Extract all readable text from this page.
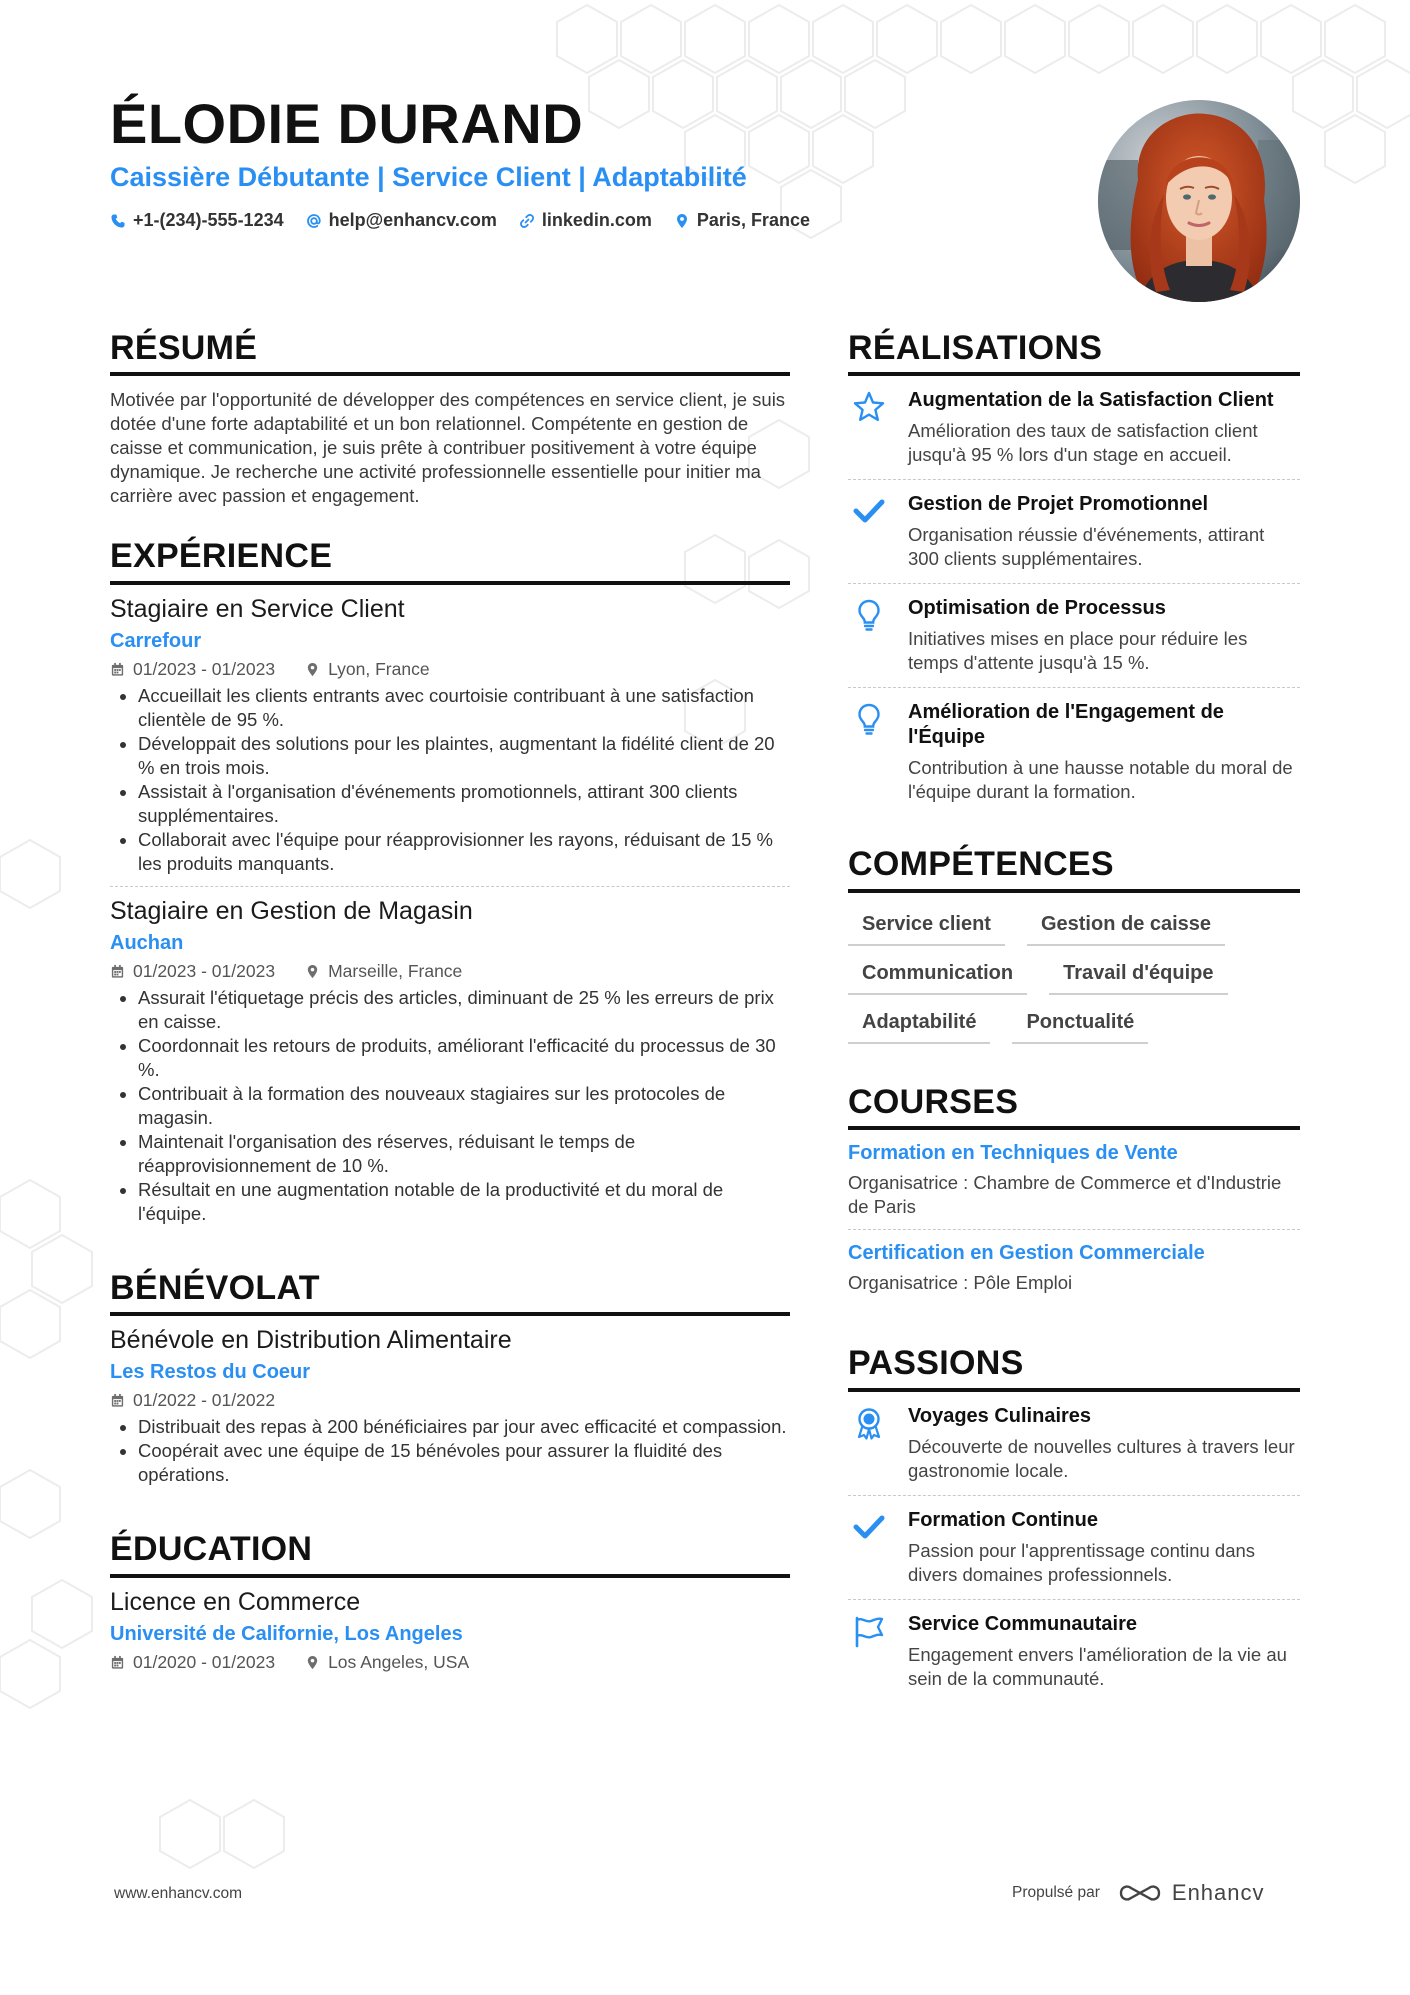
ÉLODIE DURAND
Caissière Débutante | Service Client | Adaptabilité
+1-(234)-555-1234	help@enhancv.com	linkedin.com	Paris, France
RÉSUMÉ

Motivée par l'opportunité de développer des compétences en service client, je suis dotée d'une forte adaptabilité et un bon relationnel. Compétente en gestion de caisse et communication, je suis prête à contribuer positivement à votre équipe dynamique. Je recherche une activité professionnelle essentielle pour initier ma carrière avec passion et engagement.

EXPÉRIENCE
Stagiaire en Service Client
Carrefour
01/2023 - 01/2023	Lyon, France
• Accueillait les clients entrants avec courtoisie contribuant à une satisfaction clientèle de 95 %.
• Développait des solutions pour les plaintes, augmentant la fidélité client de 20 % en trois mois.
• Assistait à l'organisation d'événements promotionnels, attirant 300 clients supplémentaires.
• Collaborait avec l'équipe pour réapprovisionner les rayons, réduisant de 15 % les produits manquants.
Stagiaire en Gestion de Magasin
Auchan
01/2023 - 01/2023	Marseille, France
• Assurait l'étiquetage précis des articles, diminuant de 25 % les erreurs de prix en caisse.
• Coordonnait les retours de produits, améliorant l'efficacité du processus de 30 %.
• Contribuait à la formation des nouveaux stagiaires sur les protocoles de magasin.
• Maintenait l'organisation des réserves, réduisant le temps de réapprovisionnement de 10 %.
• Résultait en une augmentation notable de la productivité et du moral de l'équipe.
BÉNÉVOLAT
Bénévole en Distribution Alimentaire
Les Restos du Coeur
01/2022 - 01/2022
• Distribuait des repas à 200 bénéficiaires par jour avec efficacité et compassion.
• Coopérait avec une équipe de 15 bénévoles pour assurer la fluidité des opérations.
ÉDUCATION
Licence en Commerce
Université de Californie, Los Angeles
01/2020 - 01/2023	Los Angeles, USA
RÉALISATIONS
Augmentation de la Satisfaction Client
Amélioration des taux de satisfaction client jusqu'à 95 % lors d'un stage en accueil.
Gestion de Projet Promotionnel
Organisation réussie d'événements, attirant 300 clients supplémentaires.
Optimisation de Processus
Initiatives mises en place pour réduire les temps d'attente jusqu'à 15 %.
Amélioration de l'Engagement de l'Équipe
Contribution à une hausse notable du moral de l'équipe durant la formation.
COMPÉTENCES
Service client	Gestion de caisse
Communication	Travail d'équipe
Adaptabilité	Ponctualité
COURSES
Formation en Techniques de Vente
Organisatrice : Chambre de Commerce et d'Industrie de Paris
Certification en Gestion Commerciale
Organisatrice : Pôle Emploi
PASSIONS
Voyages Culinaires
Découverte de nouvelles cultures à travers leur gastronomie locale.
Formation Continue
Passion pour l'apprentissage continu dans divers domaines professionnels.
Service Communautaire
Engagement envers l'amélioration de la vie au sein de la communauté.
www.enhancv.com	Propulsé par	Enhancv
